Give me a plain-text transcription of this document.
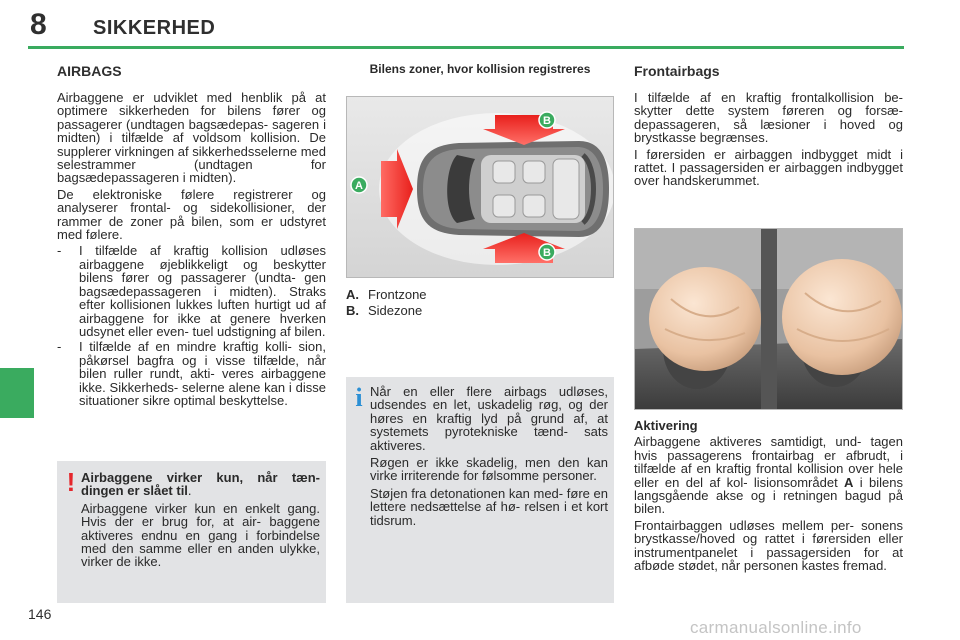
8 SIKKERHED
AIRBAGS

Airbaggene er udviklet med henblik på at optimere sikkerheden for bilens fører og passagerer (undtagen bagsædepas- sageren i midten) i tilfælde af voldsom kollision. De supplerer virkningen af sikkerhedsselerne med selestrammer (undtagen for bagsædepassageren i midten).

De elektroniske følere registrerer og analyserer frontal- og sidekollisioner, der rammer de zoner på bilen, som er udstyret med følere.

- I tilfælde af kraftig kollision udløses airbaggene øjeblikkeligt og beskytter bilens fører og passagerer (undta- gen bagsædepassageren i midten). Straks efter kollisionen lukkes luften hurtigt ud af airbaggene for ikke at genere hverken udsynet eller even- tuel udstigning af bilen.
- I tilfælde af en mindre kraftig kolli- sion, påkørsel bagfra og i visse tilfælde, når bilen ruller rundt, akti- veres airbaggene ikke. Sikkerheds- selerne alene kan i disse situationer sikre optimal beskyttelse.
! Airbaggene virker kun, når tæn- dingen er slået til.

Airbaggene virker kun en enkelt gang. Hvis der er brug for, at air- baggene aktiveres endnu en gang i forbindelse med den samme eller en anden ulykke, virker de ikke.

Bilens zoner, hvor kollision registreres
B
B
A
A. Frontzone
B. Sidezone
i Når en eller flere airbags udløses, udsendes en let, uskadelig røg, og der høres en kraftig lyd på grund af, at systemets pyrotekniske tænd- sats aktiveres.

Røgen er ikke skadelig, men den kan virke irriterende for følsomme personer.

Støjen fra detonationen kan med- føre en lettere nedsættelse af hø- relsen i et kort tidsrum.

Frontairbags

I tilfælde af en kraftig frontalkollision be- skytter dette system føreren og forsæ- depassageren, så læsioner i hoved og brystkasse begrænses.

I førersiden er airbaggen indbygget midt i rattet. I passagersiden er airbaggen indbygget over handskerummet.

Aktivering

Airbaggene aktiveres samtidigt, und- tagen hvis passagerens frontairbag er afbrudt, i tilfælde af en kraftig frontal kollision over hele eller en del af kol- lisionsområdet A i bilens langsgående akse og i retningen bagud på bilen.

Frontairbaggen udløses mellem per- sonens brystkasse/hoved og rattet i førersiden eller instrumentpanelet i passagersiden for at afbøde stødet, når personen kastes fremad.

146
carmanualsonline.info
